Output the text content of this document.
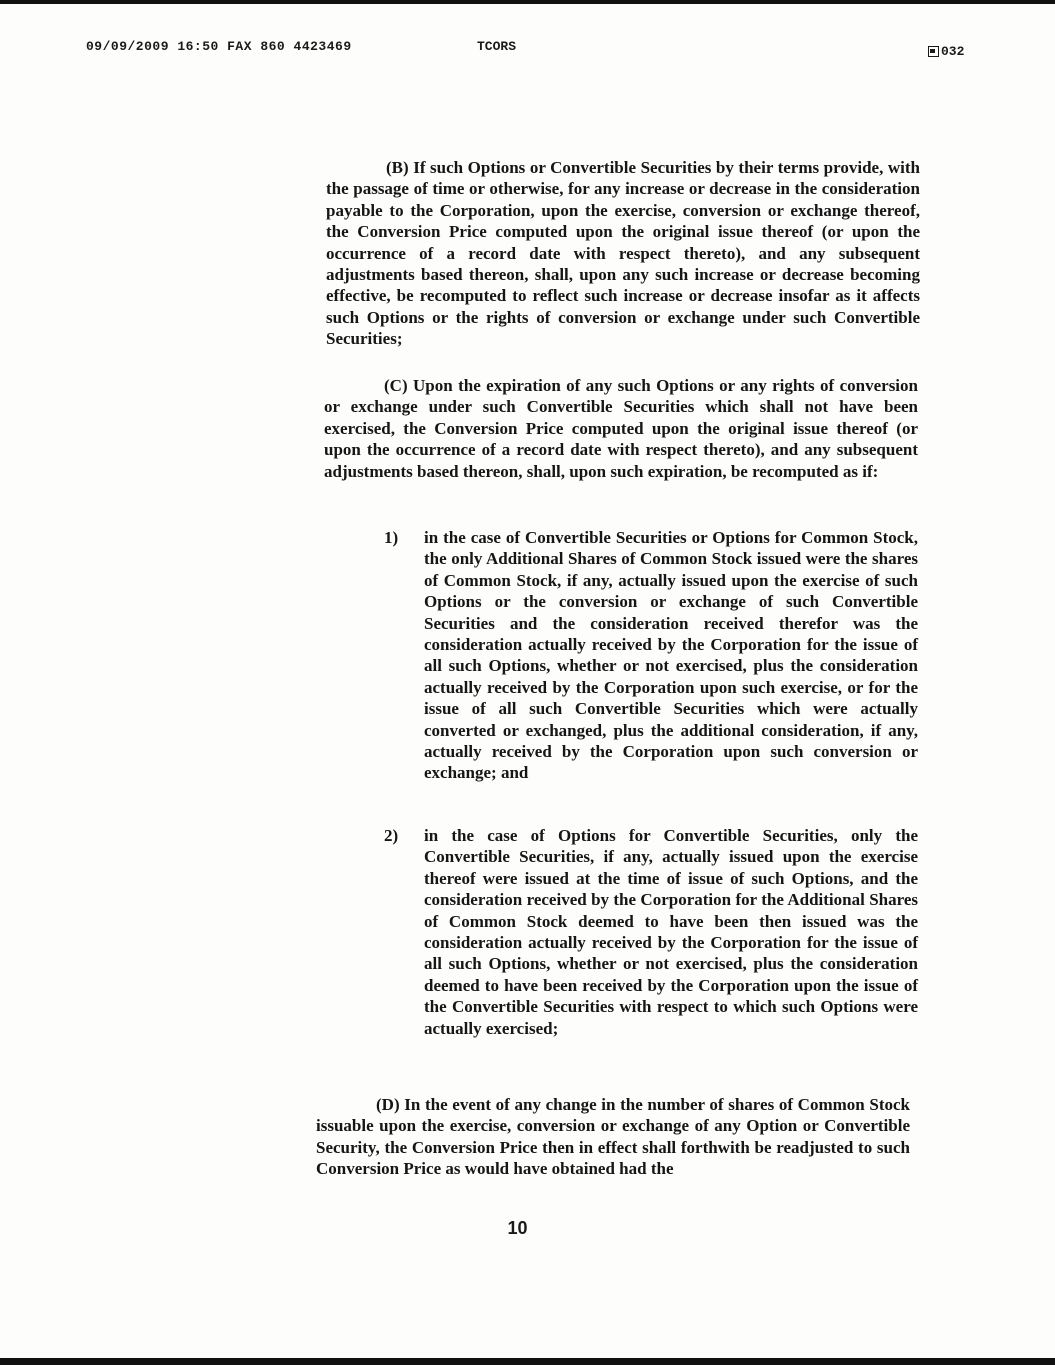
09/09/2009 16:50 FAX 860 4423469	TCORS	032

(B) If such Options or Convertible Securities by their terms provide, with the passage of time or otherwise, for any increase or decrease in the consideration payable to the Corporation, upon the exercise, conversion or exchange thereof, the Conversion Price computed upon the original issue thereof (or upon the occurrence of a record date with respect thereto), and any subsequent adjustments based thereon, shall, upon any such increase or decrease becoming effective, be recomputed to reflect such increase or decrease insofar as it affects such Options or the rights of conversion or exchange under such Convertible Securities;

(C) Upon the expiration of any such Options or any rights of conversion or exchange under such Convertible Securities which shall not have been exercised, the Conversion Price computed upon the original issue thereof (or upon the occurrence of a record date with respect thereto), and any subsequent adjustments based thereon, shall, upon such expiration, be recomputed as if:

1)	in the case of Convertible Securities or Options for Common Stock, the only Additional Shares of Common Stock issued were the shares of Common Stock, if any, actually issued upon the exercise of such Options or the conversion or exchange of such Convertible Securities and the consideration received therefor was the consideration actually received by the Corporation for the issue of all such Options, whether or not exercised, plus the consideration actually received by the Corporation upon such exercise, or for the issue of all such Convertible Securities which were actually converted or exchanged, plus the additional consideration, if any, actually received by the Corporation upon such conversion or exchange; and

2)	in the case of Options for Convertible Securities, only the Convertible Securities, if any, actually issued upon the exercise thereof were issued at the time of issue of such Options, and the consideration received by the Corporation for the Additional Shares of Common Stock deemed to have been then issued was the consideration actually received by the Corporation for the issue of all such Options, whether or not exercised, plus the consideration deemed to have been received by the Corporation upon the issue of the Convertible Securities with respect to which such Options were actually exercised;

(D) In the event of any change in the number of shares of Common Stock issuable upon the exercise, conversion or exchange of any Option or Convertible Security, the Conversion Price then in effect shall forthwith be readjusted to such Conversion Price as would have obtained had the

10
